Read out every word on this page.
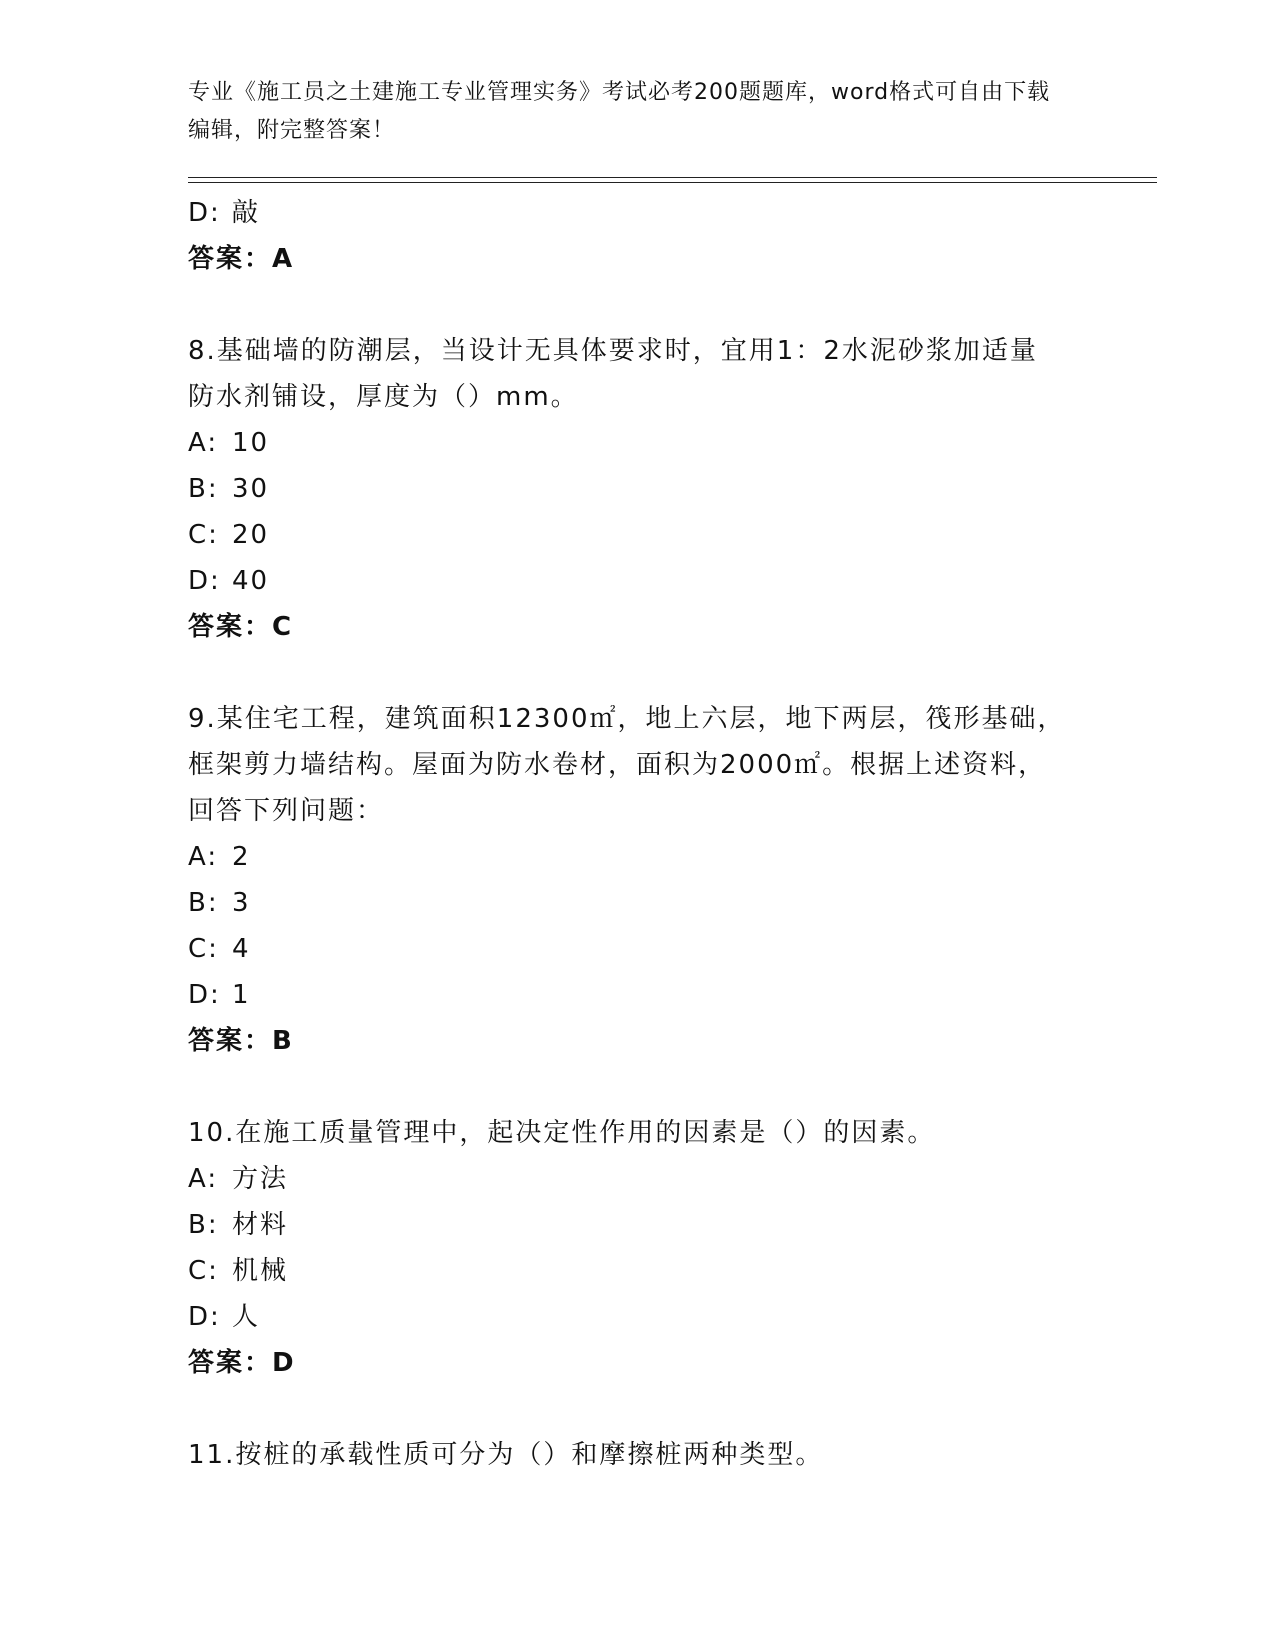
专业《施工员之土建施工专业管理实务》考试必考200题题库，word格式可自由下载编辑，附完整答案！
D: 敲
答案：A
8.基础墙的防潮层，当设计无具体要求时，宜用1：2水泥砂浆加适量
防水剂铺设，厚度为（）mm。
A: 10
B: 30
C: 20
D: 40
答案：C
9.某住宅工程，建筑面积12300㎡，地上六层，地下两层，筏形基础，
框架剪力墙结构。屋面为防水卷材，面积为2000㎡。根据上述资料，
回答下列问题：
A: 2
B: 3
C: 4
D: 1
答案：B
10.在施工质量管理中，起决定性作用的因素是（）的因素。
A: 方法
B: 材料
C: 机械
D: 人
答案：D
11.按桩的承载性质可分为（）和摩擦桩两种类型。
